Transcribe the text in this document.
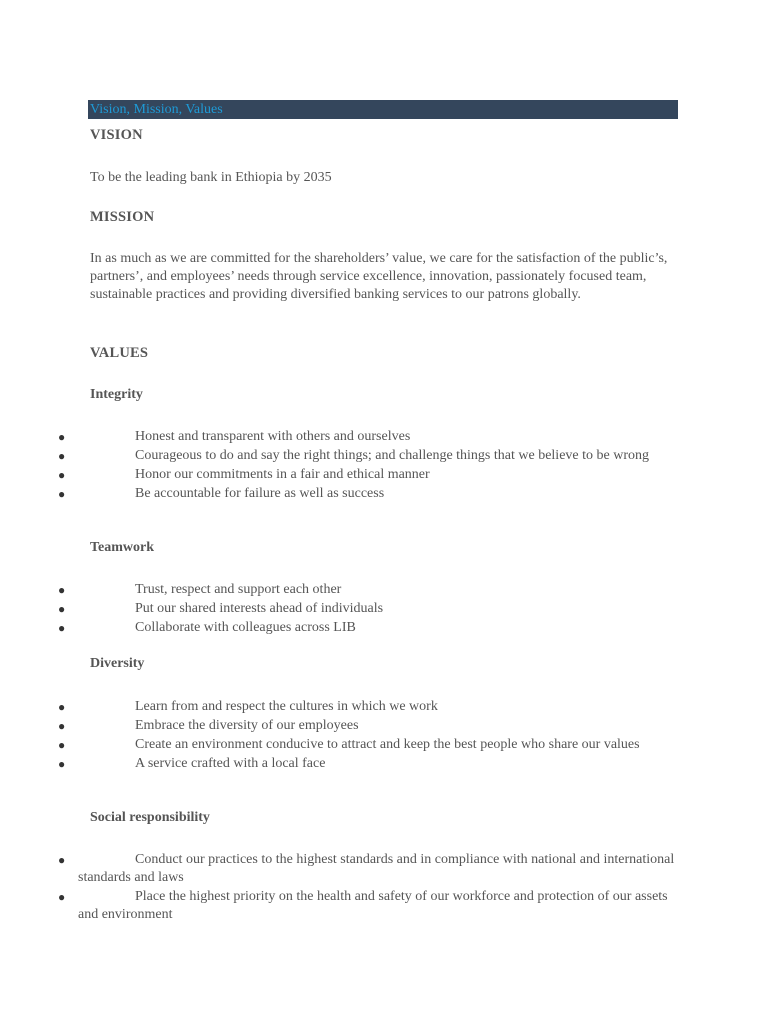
Vision, Mission, Values
VISION
To be the leading bank in Ethiopia by 2035
MISSION
In as much as we are committed for the shareholders’ value, we care for the satisfaction of the public’s, partners’, and employees’ needs through service excellence, innovation, passionately focused team, sustainable practices and providing diversified banking services to our patrons globally.
VALUES
Integrity
●	Honest and transparent with others and ourselves
●	Courageous to do and say the right things; and challenge things that we believe to be wrong
●	Honor our commitments in a fair and ethical manner
●	Be accountable for failure as well as success
Teamwork
●	Trust, respect and support each other
●	Put our shared interests ahead of individuals
●	Collaborate with colleagues across LIB
Diversity
●	Learn from and respect the cultures in which we work
●	Embrace the diversity of our employees
●	Create an environment conducive to attract and keep the best people who share our values
●	A service crafted with a local face
Social responsibility
●	Conduct our practices to the highest standards and in compliance with national and international standards and laws
●	Place the highest priority on the health and safety of our workforce and protection of our assets and environment
